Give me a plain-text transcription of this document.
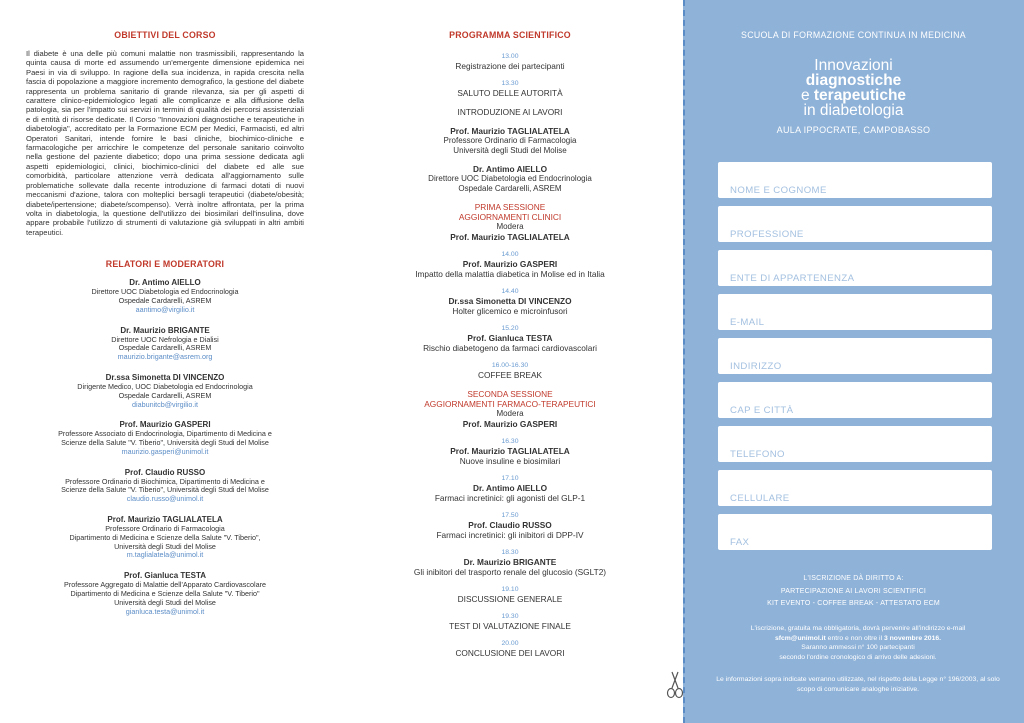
OBIETTIVI DEL CORSO

Il diabete è una delle più comuni malattie non trasmissibili, rappresentando la quinta causa di morte ed assumendo un'emergente dimensione epidemica nei Paesi in via di sviluppo. In ragione della sua incidenza, in rapida crescita nella fascia di popolazione a maggiore incremento demografico, la gestione del diabete rappresenta un problema sanitario di grande rilevanza, sia per gli aspetti di carattere clinico-epidemiologico legati alle complicanze e alla diffusione della patologia, sia per l'impatto sui servizi in termini di qualità dei percorsi assistenziali e di entità di risorse dedicate. Il Corso "Innovazioni diagnostiche e terapeutiche in diabetologia", accreditato per la Formazione ECM per Medici, Farmacisti, ed altri Operatori Sanitari, intende fornire le basi cliniche, biochimico-cliniche e farmacologiche per arricchire le competenze del personale sanitario coinvolto nella gestione del paziente diabetico; dopo una prima sessione dedicata agli aspetti epidemiologici, clinici, biochimico-clinici del diabete ed alle sue comorbidità, particolare attenzione verrà dedicata all'aggiornamento sulle problematiche sollevate dalla recente introduzione di farmaci dotati di nuovi meccanismi d'azione, talora con molteplici bersagli terapeutici (diabete/obesità; diabete/ipertensione; diabete/scompenso). Verrà inoltre affrontata, per la prima volta in diabetologia, la questione dell'utilizzo dei biosimilari dell'insulina, dove appare probabile l'utilizzo di strumenti di valutazione già sviluppati in altri ambiti terapeutici.

RELATORI E MODERATORI
Dr. Antimo AIELLO
Direttore UOC Diabetologia ed Endocrinologia
Ospedale Cardarelli, ASREM
aantimo@virgilio.it
Dr. Maurizio BRIGANTE
Direttore UOC Nefrologia e Dialisi
Ospedale Cardarelli, ASREM
maurizio.brigante@asrem.org
Dr.ssa Simonetta DI VINCENZO
Dirigente Medico, UOC Diabetologia ed Endocrinologia
Ospedale Cardarelli, ASREM
diabunitcb@virgilio.it
Prof. Maurizio GASPERI
Professore Associato di Endocrinologia, Dipartimento di Medicina e
Scienze della Salute "V. Tiberio", Università degli Studi del Molise
maurizio.gasperi@unimol.it
Prof. Claudio RUSSO
Professore Ordinario di Biochimica, Dipartimento di Medicina e
Scienze della Salute "V. Tiberio", Università degli Studi del Molise
claudio.russo@unimol.it
Prof. Maurizio TAGLIALATELA
Professore Ordinario di Farmacologia
Dipartimento di Medicina e Scienze della Salute "V. Tiberio",
Università degli Studi del Molise
m.taglialatela@unimol.it
Prof. Gianluca TESTA
Professore Aggregato di Malattie dell'Apparato Cardiovascolare
Dipartimento di Medicina e Scienze della Salute "V. Tiberio"
Università degli Studi del Molise
gianluca.testa@unimol.it
PROGRAMMA SCIENTIFICO
13.00
Registrazione dei partecipanti
13.30
SALUTO DELLE AUTORITÀ
INTRODUZIONE AI LAVORI
Prof. Maurizio TAGLIALATELA
Professore Ordinario di Farmacologia
Università degli Studi del Molise
Dr. Antimo AIELLO
Direttore UOC Diabetologia ed Endocrinologia
Ospedale Cardarelli, ASREM
PRIMA SESSIONE
AGGIORNAMENTI CLINICI
Modera
Prof. Maurizio TAGLIALATELA
14.00
Prof. Maurizio GASPERI
Impatto della malattia diabetica in Molise ed in Italia
14.40
Dr.ssa Simonetta DI VINCENZO
Holter glicemico e microinfusori
15.20
Prof. Gianluca TESTA
Rischio diabetogeno da farmaci cardiovascolari
16.00-16.30
COFFEE BREAK
SECONDA SESSIONE
AGGIORNAMENTI FARMACO-TERAPEUTICI
Modera
Prof. Maurizio GASPERI
16.30
Prof. Maurizio TAGLIALATELA
Nuove insuline e biosimilari
17.10
Dr. Antimo AIELLO
Farmaci incretinici: gli agonisti del GLP-1
17.50
Prof. Claudio RUSSO
Farmaci incretinici: gli inibitori di DPP-IV
18.30
Dr. Maurizio BRIGANTE
Gli inibitori del trasporto renale del glucosio (SGLT2)
19.10
DISCUSSIONE GENERALE
19.30
TEST DI VALUTAZIONE FINALE
20.00
CONCLUSIONE DEI LAVORI
SCUOLA DI FORMAZIONE CONTINUA IN MEDICINA
Innovazioni
diagnostiche
e terapeutiche
in diabetologia
AULA IPPOCRATE, CAMPOBASSO
NOME E COGNOME
PROFESSIONE
ENTE DI APPARTENENZA
E-MAIL
INDIRIZZO
CAP E CITTÀ
TELEFONO
CELLULARE
FAX
L'ISCRIZIONE DÀ DIRITTO A:
PARTECIPAZIONE AI LAVORI SCIENTIFICI
KIT EVENTO - COFFEE BREAK - ATTESTATO ECM
L'iscrizione, gratuita ma obbligatoria, dovrà pervenire all'indirizzo e-mail
sfcm@unimol.it entro e non oltre il 3 novembre 2016.
Saranno ammessi n° 100 partecipanti
secondo l'ordine cronologico di arrivo delle adesioni.
Le informazioni sopra indicate verranno utilizzate, nel rispetto della Legge n° 196/2003, al solo scopo di comunicare analoghe iniziative.
